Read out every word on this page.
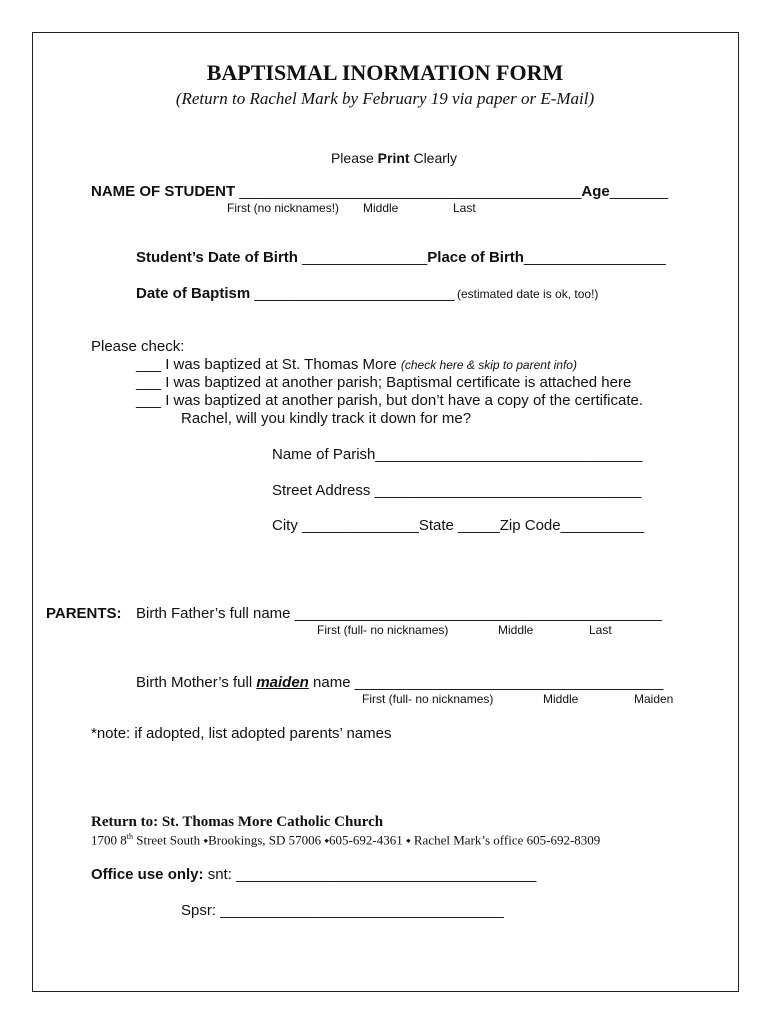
BAPTISMAL INORMATION FORM
(Return to Rachel Mark by February 19 via paper or E-Mail)
Please Print Clearly
NAME OF STUDENT _________________________________________Age_______
First (no nicknames!) Middle	Last
Student’s Date of Birth _______________Place of Birth_________________
Date of Baptism ________________________ (estimated date is ok, too!)
Please check:
___ I was baptized at St. Thomas More (check here & skip to parent info)
___ I was baptized at another parish; Baptismal certificate is attached here
___ I was baptized at another parish, but don’t have a copy of the certificate.
Rachel, will you kindly track it down for me?
Name of Parish________________________________
Street Address ________________________________
City ______________State _____Zip Code__________
PARENTS: Birth Father’s full name ____________________________________________
First (full- no nicknames)	Middle	Last
Birth Mother’s full maiden name _____________________________________
First (full- no nicknames)	Middle	Maiden
*note: if adopted, list adopted parents’ names
Return to: St. Thomas More Catholic Church
1700 8th Street South ⬩Brookings, SD 57006 ⬩605-692-4361 ⬩ Rachel Mark’s office 605-692-8309
Office use only: snt: ____________________________________
Spsr: __________________________________
